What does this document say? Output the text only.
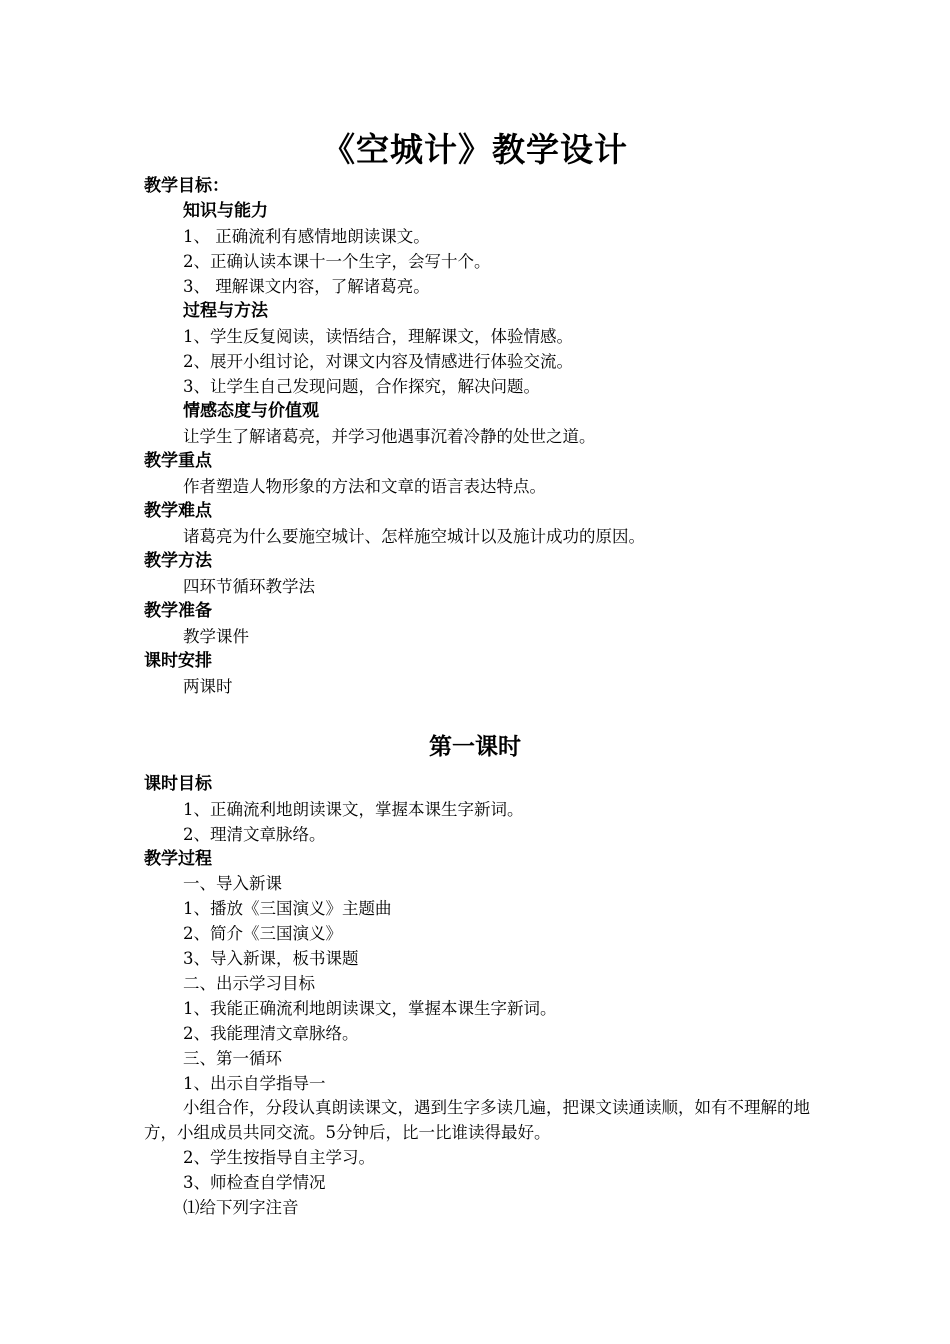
《空城计》教学设计
教学目标：
知识与能力
1、 正确流利有感情地朗读课文。
2、正确认读本课十一个生字，会写十个。
3、 理解课文内容，了解诸葛亮。
过程与方法
1、学生反复阅读，读悟结合，理解课文，体验情感。
2、展开小组讨论，对课文内容及情感进行体验交流。
3、让学生自己发现问题，合作探究，解决问题。
情感态度与价值观
让学生了解诸葛亮，并学习他遇事沉着冷静的处世之道。
教学重点
作者塑造人物形象的方法和文章的语言表达特点。
教学难点
诸葛亮为什么要施空城计、怎样施空城计以及施计成功的原因。
教学方法
四环节循环教学法
教学准备
教学课件
课时安排
两课时
第一课时
课时目标
1、正确流利地朗读课文，掌握本课生字新词。
2、理清文章脉络。
教学过程
一、导入新课
1、播放《三国演义》主题曲
2、简介《三国演义》
3、导入新课，板书课题
二、出示学习目标
1、我能正确流利地朗读课文，掌握本课生字新词。
2、我能理清文章脉络。
三、第一循环
1、出示自学指导一
小组合作，分段认真朗读课文，遇到生字多读几遍，把课文读通读顺，如有不理解的地方，小组成员共同交流。5分钟后，比一比谁读得最好。
2、学生按指导自主学习。
3、师检查自学情况
⑴给下列字注音
